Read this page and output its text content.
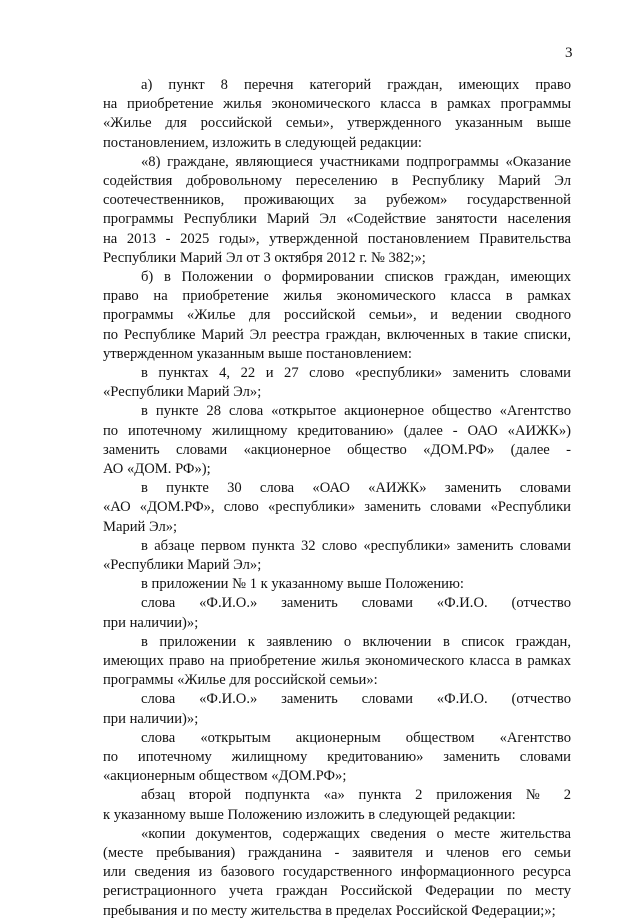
3
а) пункт 8 перечня категорий граждан, имеющих право
на приобретение жилья экономического класса в рамках программы
«Жилье для российской семьи», утвержденного указанным выше
постановлением, изложить в следующей редакции:
«8) граждане, являющиеся участниками подпрограммы «Оказание
содействия добровольному переселению в Республику Марий Эл
соотечественников, проживающих за рубежом» государственной
программы Республики Марий Эл «Содействие занятости населения
на 2013 - 2025 годы», утвержденной постановлением Правительства
Республики Марий Эл от 3 октября 2012 г. № 382;»;
б) в Положении о формировании списков граждан, имеющих
право на приобретение жилья экономического класса в рамках
программы «Жилье для российской семьи», и ведении сводного
по Республике Марий Эл реестра граждан, включенных в такие списки,
утвержденном указанным выше постановлением:
в пунктах 4, 22 и 27 слово «республики» заменить словами
«Республики Марий Эл»;
в пункте 28 слова «открытое акционерное общество «Агентство
по ипотечному жилищному кредитованию» (далее - ОАО «АИЖК»)
заменить словами «акционерное общество «ДОМ.РФ» (далее -
АО «ДОМ. РФ»);
в пункте 30 слова «ОАО «АИЖК» заменить словами
«АО «ДОМ.РФ», слово «республики» заменить словами «Республики
Марий Эл»;
в абзаце первом пункта 32 слово «республики» заменить словами
«Республики Марий Эл»;
в приложении № 1 к указанному выше Положению:
слова «Ф.И.О.» заменить словами «Ф.И.О. (отчество
при наличии)»;
в приложении к заявлению о включении в список граждан,
имеющих право на приобретение жилья экономического класса в рамках
программы «Жилье для российской семьи»:
слова «Ф.И.О.» заменить словами «Ф.И.О. (отчество
при наличии)»;
слова «открытым акционерным обществом «Агентство
по ипотечному жилищному кредитованию» заменить словами
«акционерным обществом «ДОМ.РФ»;
абзац второй подпункта «а» пункта 2 приложения № 2
к указанному выше Положению изложить в следующей редакции:
«копии документов, содержащих сведения о месте жительства
(месте пребывания) гражданина - заявителя и членов его семьи
или сведения из базового государственного информационного ресурса
регистрационного учета граждан Российской Федерации по месту
пребывания и по месту жительства в пределах Российской Федерации;»;
